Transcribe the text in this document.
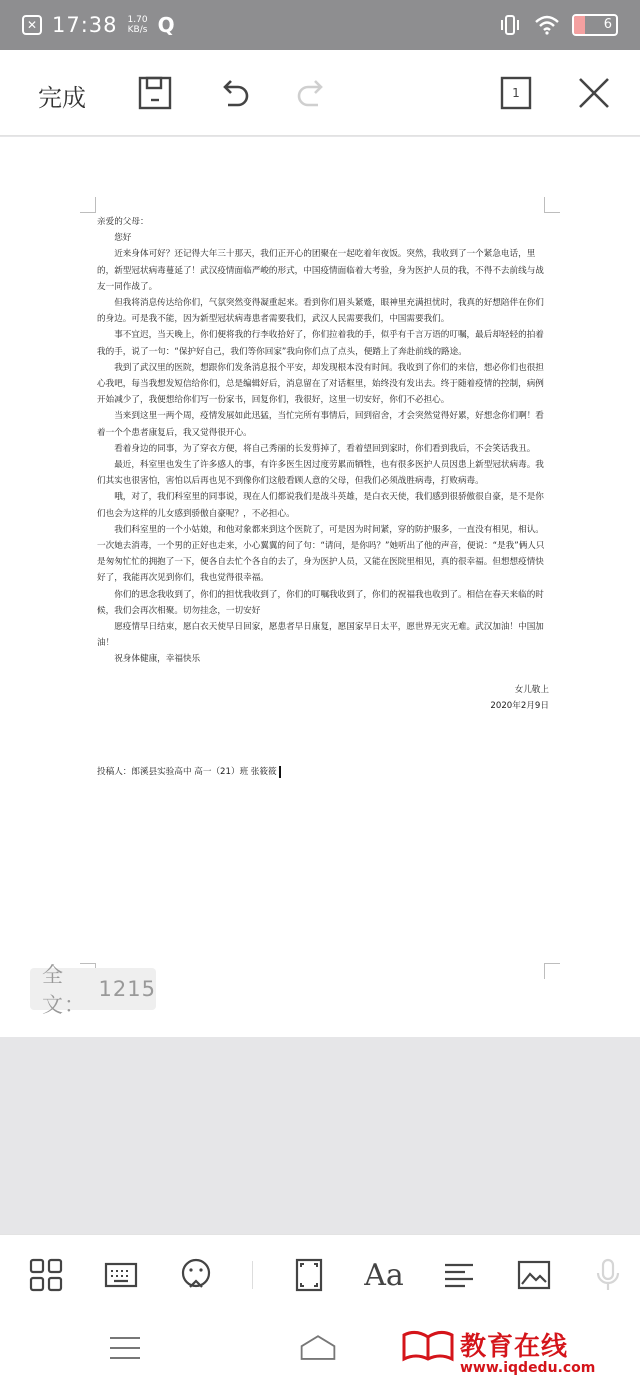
✕ 17:38 1.70
KB/s Q	6
完成	1

亲爱的父母：

您好

近来身体可好？还记得大年三十那天，我们正开心的团聚在一起吃着年夜饭。突然，我收到了一个紧急电话，里的，新型冠状病毒蔓延了！武汉疫情面临严峻的形式，中国疫情面临着大考验，身为医护人员的我，不得不去前线与战友一同作战了。

但我将消息传达给你们，气氛突然变得凝重起来。看到你们眉头紧蹙，眼神里充满担忧时，我真的好想陪伴在你们的身边。可是我不能，因为新型冠状病毒患者需要我们，武汉人民需要我们，中国需要我们。

事不宜迟，当天晚上，你们便将我的行李收拾好了，你们拉着我的手，似乎有千言万语的叮嘱，最后却轻轻的拍着我的手，说了一句：“保护好自己，我们等你回家”我向你们点了点头，便踏上了奔赴前线的路途。

我到了武汉里的医院，想跟你们发条消息报个平安，却发现根本没有时间。我收到了你们的来信，想必你们也很担心我吧，每当我想发短信给你们，总是编辑好后，消息留在了对话框里，始终没有发出去。终于随着疫情的控制，病例开始减少了，我便想给你们写一份家书，回复你们，我很好，这里一切安好，你们不必担心。

当来到这里一两个周，疫情发展如此迅猛，当忙完所有事情后，回到宿舍，才会突然觉得好累，好想念你们啊！看着一个个患者康复后，我又觉得很开心。

看着身边的同事，为了穿衣方便，将自己秀丽的长发剪掉了，看着望回到家时，你们看到我后，不会笑话我丑。

最近，科室里也发生了许多感人的事，有许多医生因过度劳累而牺牲，也有很多医护人员因患上新型冠状病毒。我们其实也很害怕，害怕以后再也见不到像你们这般看顾人意的父母，但我们必须战胜病毒，打败病毒。

哦，对了，我们科室里的同事说，现在人们都说我们是战斗英雄，是白衣天使，我们感到很骄傲很自豪，是不是你们也会为这样的儿女感到骄傲自豪呢？，不必担心。

我们科室里的一个小姑娘，和他对象都来到这个医院了，可是因为时间紧，穿的防护服多，一直没有相见，相认。一次她去消毒，一个男的正好也走来，小心翼翼的问了句：“请问，是你吗？”她听出了他的声音，便说：“是我”俩人只是匆匆忙忙的拥抱了一下，便各自去忙个各自的去了，身为医护人员，又能在医院里相见，真的很幸福。但想想疫情快好了，我能再次见到你们，我也觉得很幸福。

你们的思念我收到了，你们的担忧我收到了，你们的叮嘱我收到了，你们的祝福我也收到了。相信在春天来临的时候，我们会再次相聚。切勿挂念，一切安好

愿疫情早日结束，愿白衣天使早日回家，愿患者早日康复，愿国家早日太平，愿世界无灾无难。武汉加油！中国加油！

祝身体健康，幸福快乐

女儿敬上

2020年2月9日

投稿人：郎溪县实验高中 高一（21）班 张筱筱

全文：
1215
Aa
教育在线
www.iqdedu.com
